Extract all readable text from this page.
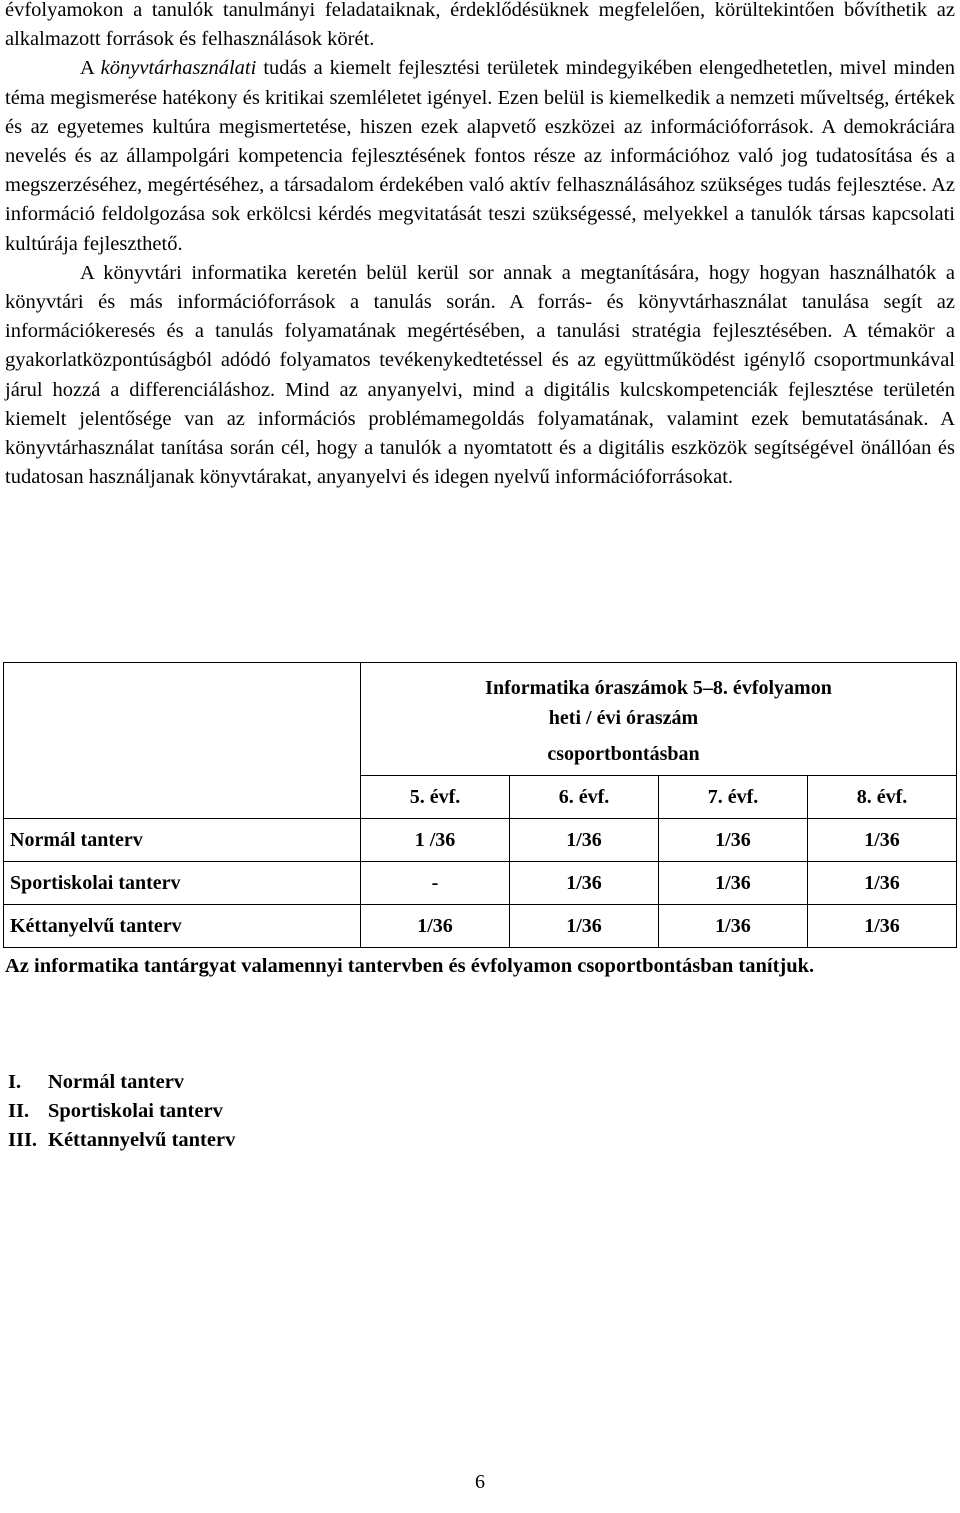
évfolyamokon a tanulók tanulmányi feladataiknak, érdeklődésüknek megfelelően, körültekintően bővíthetik az alkalmazott források és felhasználások körét.

A könyvtárhasználati tudás a kiemelt fejlesztési területek mindegyikében elengedhetetlen, mivel minden téma megismerése hatékony és kritikai szemléletet igényel. Ezen belül is kiemelkedik a nemzeti műveltség, értékek és az egyetemes kultúra megismertetése, hiszen ezek alapvető eszközei az információforrások. A demokráciára nevelés és az állampolgári kompetencia fejlesztésének fontos része az információhoz való jog tudatosítása és a megszerzéséhez, megértéséhez, a társadalom érdekében való aktív felhasználásához szükséges tudás fejlesztése. Az információ feldolgozása sok erkölcsi kérdés megvitatását teszi szükségessé, melyekkel a tanulók társas kapcsolati kultúrája fejleszthető.

A könyvtári informatika keretén belül kerül sor annak a megtanítására, hogy hogyan használhatók a könyvtári és más információforrások a tanulás során. A forrás- és könyvtárhasználat tanulása segít az információkeresés és a tanulás folyamatának megértésében, a tanulási stratégia fejlesztésében. A témakör a gyakorlatközpontúságból adódó folyamatos tevékenykedtetéssel és az együttműködést igénylő csoportmunkával járul hozzá a differenciáláshoz. Mind az anyanyelvi, mind a digitális kulcskompetenciák fejlesztése területén kiemelt jelentősége van az információs problémamegoldás folyamatának, valamint ezek bemutatásának. A könyvtárhasználat tanítása során cél, hogy a tanulók a nyomtatott és a digitális eszközök segítségével önállóan és tudatosan használjanak könyvtárakat, anyanyelvi és idegen nyelvű információforrásokat.

	Informatika óraszámok 5–8. évfolyamon
heti / évi óraszám
csoportbontásban			

	5. évf.	6. évf.	7. évf.	8. évf.
Normál tanterv	1 /36	1/36	1/36	1/36
Sportiskolai tanterv	-	1/36	1/36	1/36
Kéttanyelvű tanterv	1/36	1/36	1/36	1/36

Az informatika tantárgyat valamennyi tantervben és évfolyamon csoportbontásban tanítjuk.

I.	Normál tanterv
II. Sportiskolai tanterv
III. Kéttannyelvű tanterv
6
